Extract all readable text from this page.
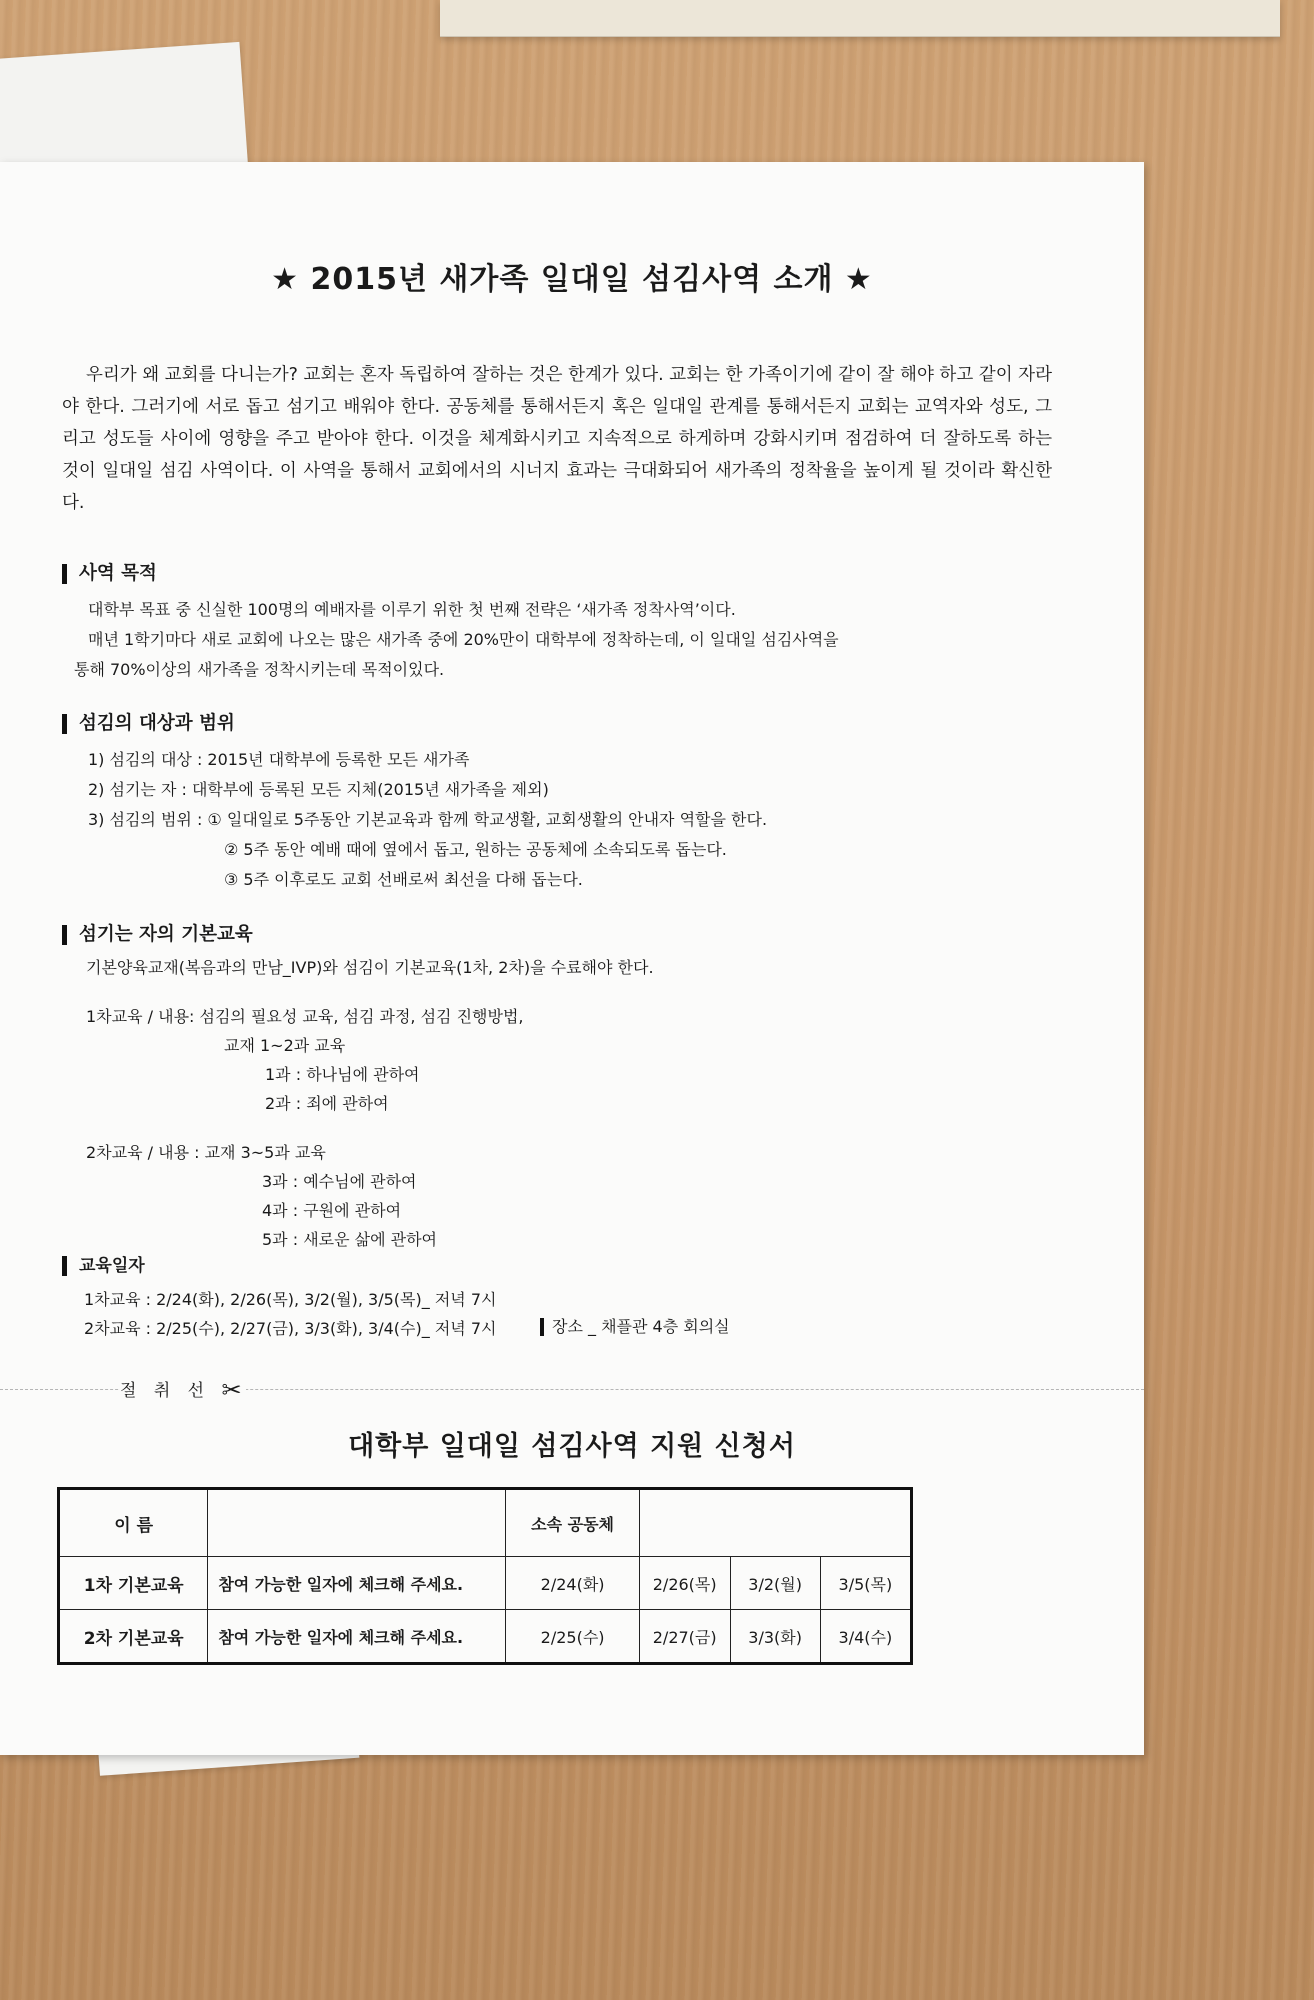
★ 2015년 새가족 일대일 섬김사역 소개 ★
우리가 왜 교회를 다니는가? 교회는 혼자 독립하여 잘하는 것은 한계가 있다. 교회는 한 가족이기에 같이 잘 해야 하고 같이 자라야 한다. 그러기에 서로 돕고 섬기고 배워야 한다. 공동체를 통해서든지 혹은 일대일 관계를 통해서든지 교회는 교역자와 성도, 그리고 성도들 사이에 영향을 주고 받아야 한다. 이것을 체계화시키고 지속적으로 하게하며 강화시키며 점검하여 더 잘하도록 하는 것이 일대일 섬김 사역이다. 이 사역을 통해서 교회에서의 시너지 효과는 극대화되어 새가족의 정착율을 높이게 될 것이라 확신한다.
사역 목적
대학부 목표 중 신실한 100명의 예배자를 이루기 위한 첫 번째 전략은 ‘새가족 정착사역’이다.
매년 1학기마다 새로 교회에 나오는 많은 새가족 중에 20%만이 대학부에 정착하는데, 이 일대일 섬김사역을
통해 70%이상의 새가족을 정착시키는데 목적이있다.
섬김의 대상과 범위
1) 섬김의 대상 : 2015년 대학부에 등록한 모든 새가족
2) 섬기는 자 : 대학부에 등록된 모든 지체(2015년 새가족을 제외)
3) 섬김의 범위 : ① 일대일로 5주동안 기본교육과 함께 학교생활, 교회생활의 안내자 역할을 한다.
② 5주 동안 예배 때에 옆에서 돕고, 원하는 공동체에 소속되도록 돕는다.
③ 5주 이후로도 교회 선배로써 최선을 다해 돕는다.
섬기는 자의 기본교육
기본양육교재(복음과의 만남_IVP)와 섬김이 기본교육(1차, 2차)을 수료해야 한다.
1차교육 / 내용: 섬김의 필요성 교육, 섬김 과정, 섬김 진행방법,
교재 1~2과 교육
1과 : 하나님에 관하여
2과 : 죄에 관하여
2차교육 / 내용 : 교재 3~5과 교육
3과 : 예수님에 관하여
4과 : 구원에 관하여
5과 : 새로운 삶에 관하여
교육일자
1차교육 : 2/24(화), 2/26(목), 3/2(월), 3/5(목)_ 저녁 7시
2차교육 : 2/25(수), 2/27(금), 3/3(화), 3/4(수)_ 저녁 7시	장소 _ 채플관 4층 회의실
절 취 선 ✂
대학부 일대일 섬김사역 지원 신청서
이 름		소속 공동체			
1차 기본교육	참여 가능한 일자에 체크해 주세요.	2/24(화)	2/26(목)	3/2(월)	3/5(목)
2차 기본교육	참여 가능한 일자에 체크해 주세요.	2/25(수)	2/27(금)	3/3(화)	3/4(수)
